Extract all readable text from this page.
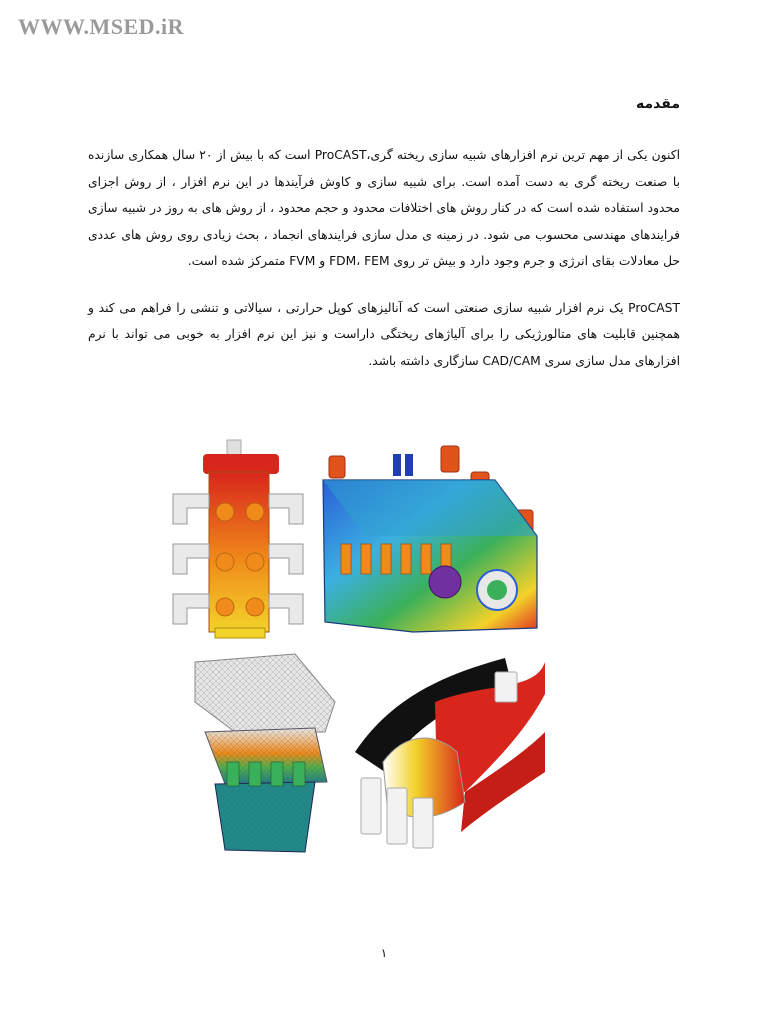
WWW.MSED.iR
مقدمه

اکنون یکی از مهم ترین نرم افزارهای شبیه سازی ریخته گری،ProCAST است که با بیش از ۲۰ سال همکاری سازنده با صنعت ریخته گری به دست آمده است. برای شبیه سازی و کاوش فرآیندها در این نرم افزار ، از روش اجزای محدود استفاده شده است که در کنار روش های اختلافات محدود و حجم محدود ، از روش های به روز در شبیه سازی فرایندهای مهندسی محسوب می شود. در زمینه ی مدل سازی فرایندهای انجماد ، بحث زیادی روی روش های عددی حل معادلات بقای انرژی و جرم وجود دارد و بیش تر روی FDM، FEM و FVM متمرکز شده است.

ProCAST یک نرم افزار شبیه سازی صنعتی است که آنالیزهای کوپل حرارتی ، سیالاتی و تنشی را فراهم می کند و همچنین قابلیت های متالورژیکی را برای آلیاژهای ریختگی داراست و نیز این نرم افزار به خوبی می تواند با نرم افزارهای مدل سازی سری CAD/CAM سازگاری داشته باشد.

۱
